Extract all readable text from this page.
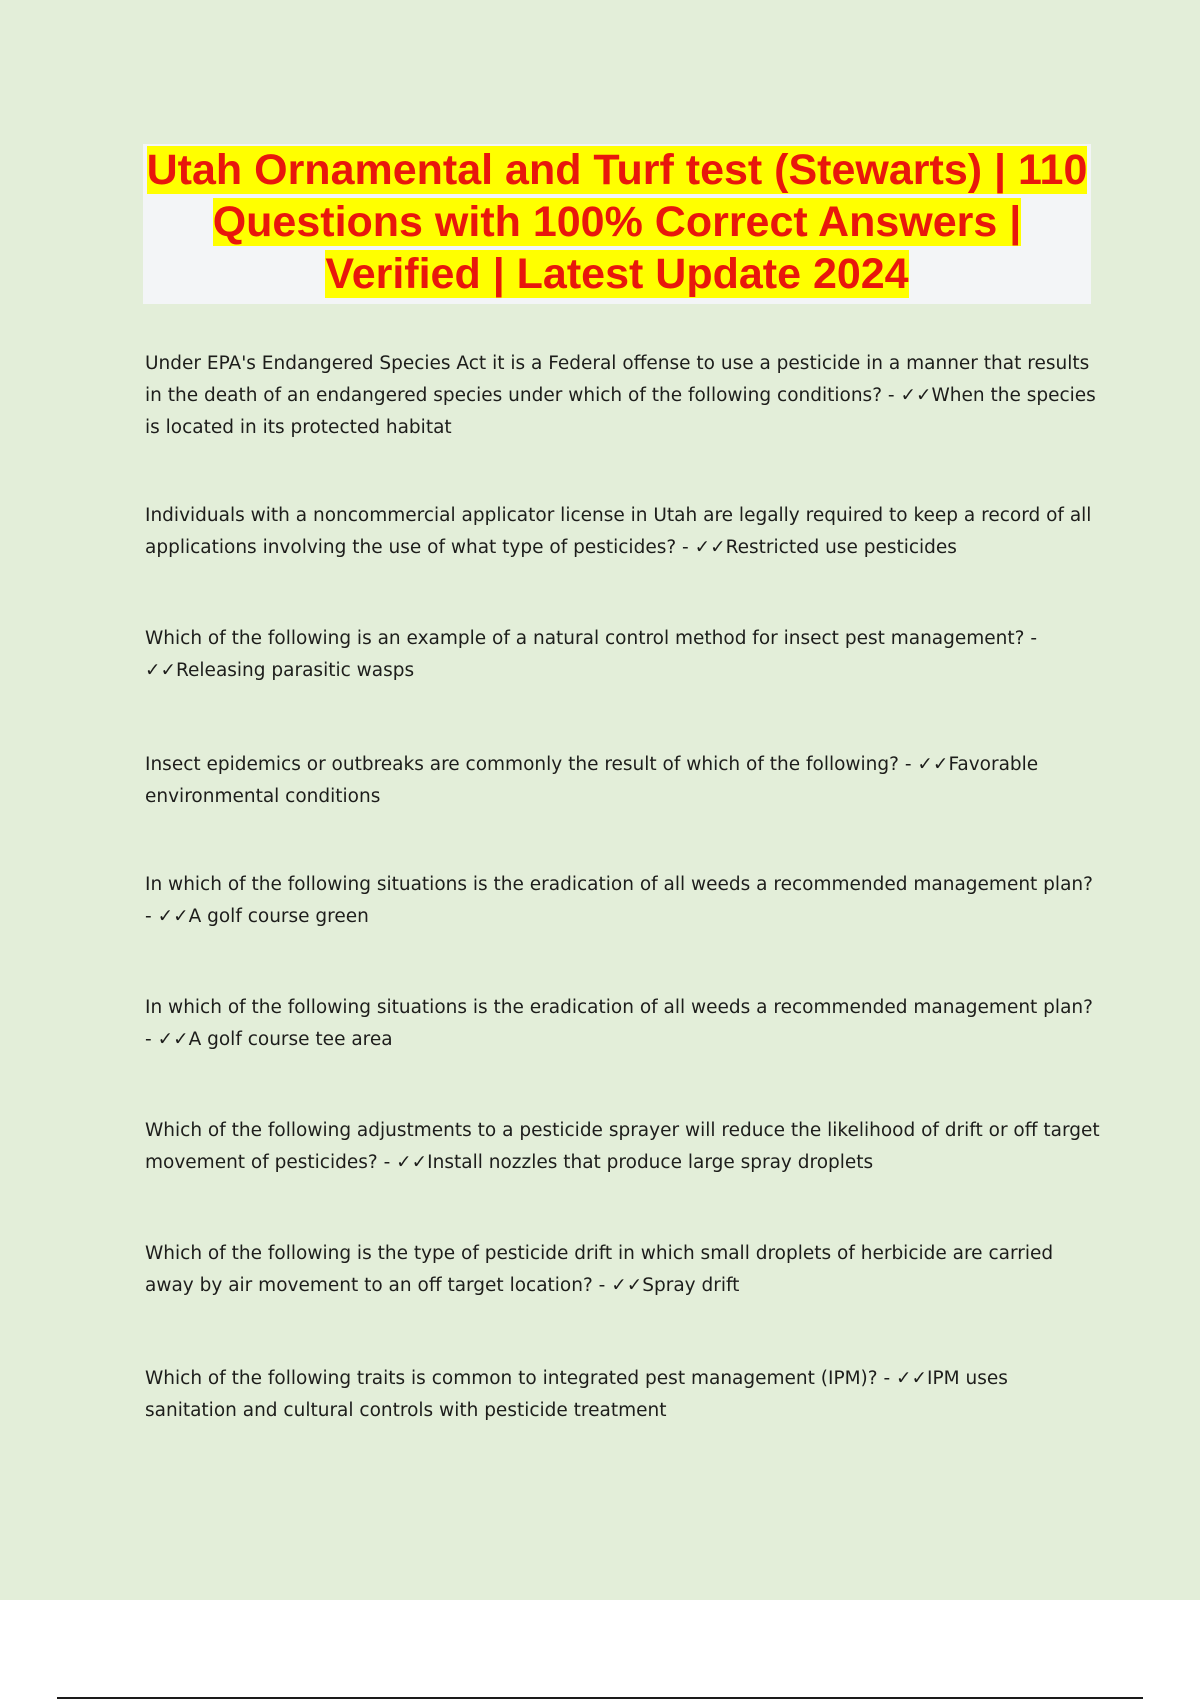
Utah Ornamental and Turf test (Stewarts) | 110 Questions with 100% Correct Answers | Verified | Latest Update 2024
Under EPA's Endangered Species Act it is a Federal offense to use a pesticide in a manner that results in the death of an endangered species under which of the following conditions? - ✓✓When the species is located in its protected habitat
Individuals with a noncommercial applicator license in Utah are legally required to keep a record of all applications involving the use of what type of pesticides? - ✓✓Restricted use pesticides
Which of the following is an example of a natural control method for insect pest management? - ✓✓Releasing parasitic wasps
Insect epidemics or outbreaks are commonly the result of which of the following? - ✓✓Favorable environmental conditions
In which of the following situations is the eradication of all weeds a recommended management plan? - ✓✓A golf course green
In which of the following situations is the eradication of all weeds a recommended management plan? - ✓✓A golf course tee area
Which of the following adjustments to a pesticide sprayer will reduce the likelihood of drift or off target movement of pesticides? - ✓✓Install nozzles that produce large spray droplets
Which of the following is the type of pesticide drift in which small droplets of herbicide are carried away by air movement to an off target location? - ✓✓Spray drift
Which of the following traits is common to integrated pest management (IPM)? - ✓✓IPM uses sanitation and cultural controls with pesticide treatment
